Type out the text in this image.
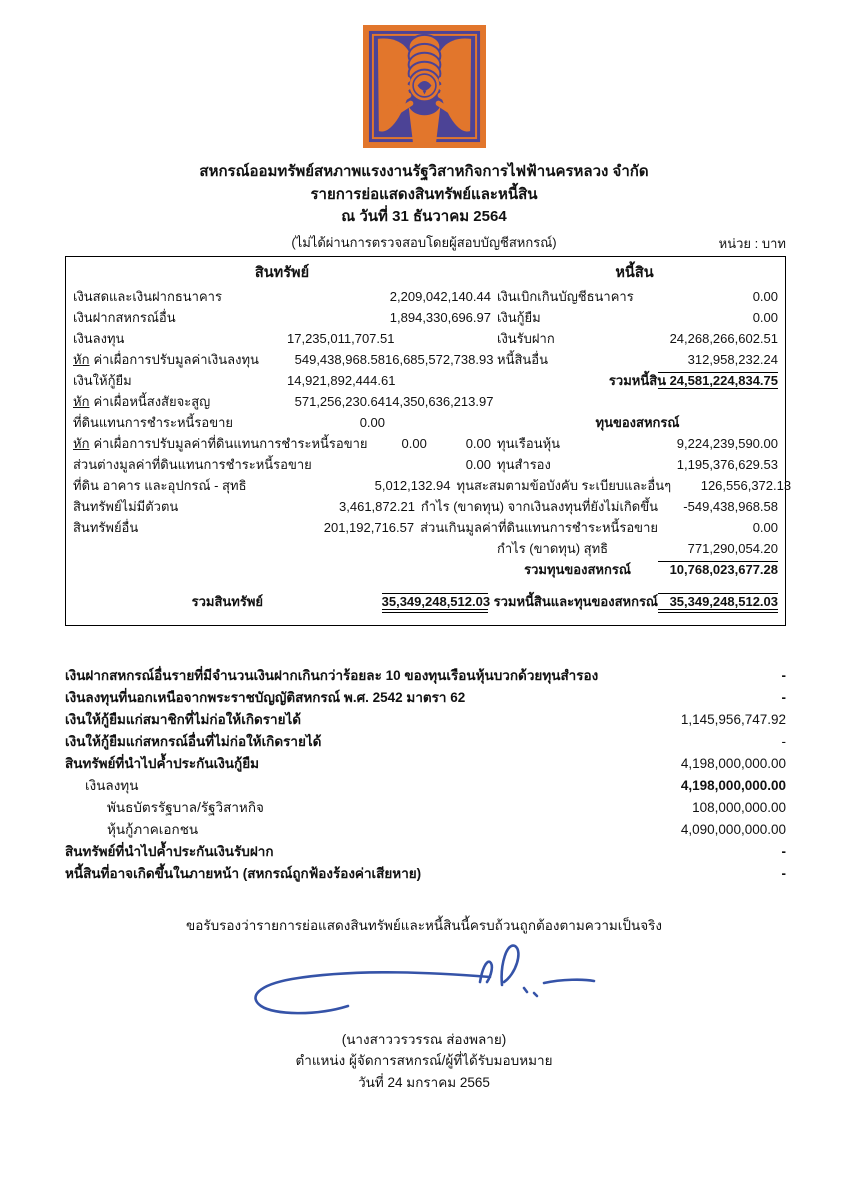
สหกรณ์ออมทรัพย์สหภาพแรงงานรัฐวิสาหกิจการไฟฟ้านครหลวง จำกัด
รายการย่อแสดงสินทรัพย์และหนี้สิน
ณ วันที่ 31 ธันวาคม 2564
(ไม่ได้ผ่านการตรวจสอบโดยผู้สอบบัญชีสหกรณ์)	หน่วย : บาท
สินทรัพย์	หนี้สิน
เงินสดและเงินฝากธนาคาร	2,209,042,140.44 เงินเบิกเกินบัญชีธนาคาร	0.00
เงินฝากสหกรณ์อื่น	1,894,330,696.97 เงินกู้ยืม	0.00
เงินลงทุน	17,235,011,707.51	เงินรับฝาก	24,268,266,602.51
หัก ค่าเผื่อการปรับมูลค่าเงินลงทุน	549,438,968.58 16,685,572,738.93 หนี้สินอื่น	312,958,232.24
เงินให้กู้ยืม	14,921,892,444.61	รวมหนี้สิน 24,581,224,834.75
หัก ค่าเผื่อหนี้สงสัยจะสูญ	571,256,230.64 14,350,636,213.97
ที่ดินแทนการชำระหนี้รอขาย	0.00	ทุนของสหกรณ์
หัก ค่าเผื่อการปรับมูลค่าที่ดินแทนการชำระหนี้รอขาย	0.00	0.00 ทุนเรือนหุ้น	9,224,239,590.00
ส่วนต่างมูลค่าที่ดินแทนการชำระหนี้รอขาย	0.00 ทุนสำรอง	1,195,376,629.53
ที่ดิน อาคาร และอุปกรณ์ - สุทธิ	5,012,132.94 ทุนสะสมตามข้อบังคับ ระเบียบและอื่นๆ	126,556,372.13
สินทรัพย์ไม่มีตัวตน	3,461,872.21 กำไร (ขาดทุน) จากเงินลงทุนที่ยังไม่เกิดขึ้น	-549,438,968.58
สินทรัพย์อื่น	201,192,716.57 ส่วนเกินมูลค่าที่ดินแทนการชำระหนี้รอขาย	0.00
กำไร (ขาดทุน) สุทธิ	771,290,054.20
รวมทุนของสหกรณ์	10,768,023,677.28
รวมสินทรัพย์	35,349,248,512.03 รวมหนี้สินและทุนของสหกรณ์ 35,349,248,512.03
เงินฝากสหกรณ์อื่นรายที่มีจำนวนเงินฝากเกินกว่าร้อยละ 10 ของทุนเรือนหุ้นบวกด้วยทุนสำรอง	-
เงินลงทุนที่นอกเหนือจากพระราชบัญญัติสหกรณ์ พ.ศ. 2542 มาตรา 62	-
เงินให้กู้ยืมแก่สมาชิกที่ไม่ก่อให้เกิดรายได้	1,145,956,747.92
เงินให้กู้ยืมแก่สหกรณ์อื่นที่ไม่ก่อให้เกิดรายได้	-
สินทรัพย์ที่นำไปค้ำประกันเงินกู้ยืม	4,198,000,000.00
เงินลงทุน	4,198,000,000.00
พันธบัตรรัฐบาล/รัฐวิสาหกิจ	108,000,000.00
หุ้นกู้ภาคเอกชน	4,090,000,000.00
สินทรัพย์ที่นำไปค้ำประกันเงินรับฝาก	-
หนี้สินที่อาจเกิดขึ้นในภายหน้า (สหกรณ์ถูกฟ้องร้องค่าเสียหาย)	-
ขอรับรองว่ารายการย่อแสดงสินทรัพย์และหนี้สินนี้ครบถ้วนถูกต้องตามความเป็นจริง
(นางสาววรวรรณ ส่องพลาย)
ตำแหน่ง ผู้จัดการสหกรณ์/ผู้ที่ได้รับมอบหมาย
วันที่ 24 มกราคม 2565
